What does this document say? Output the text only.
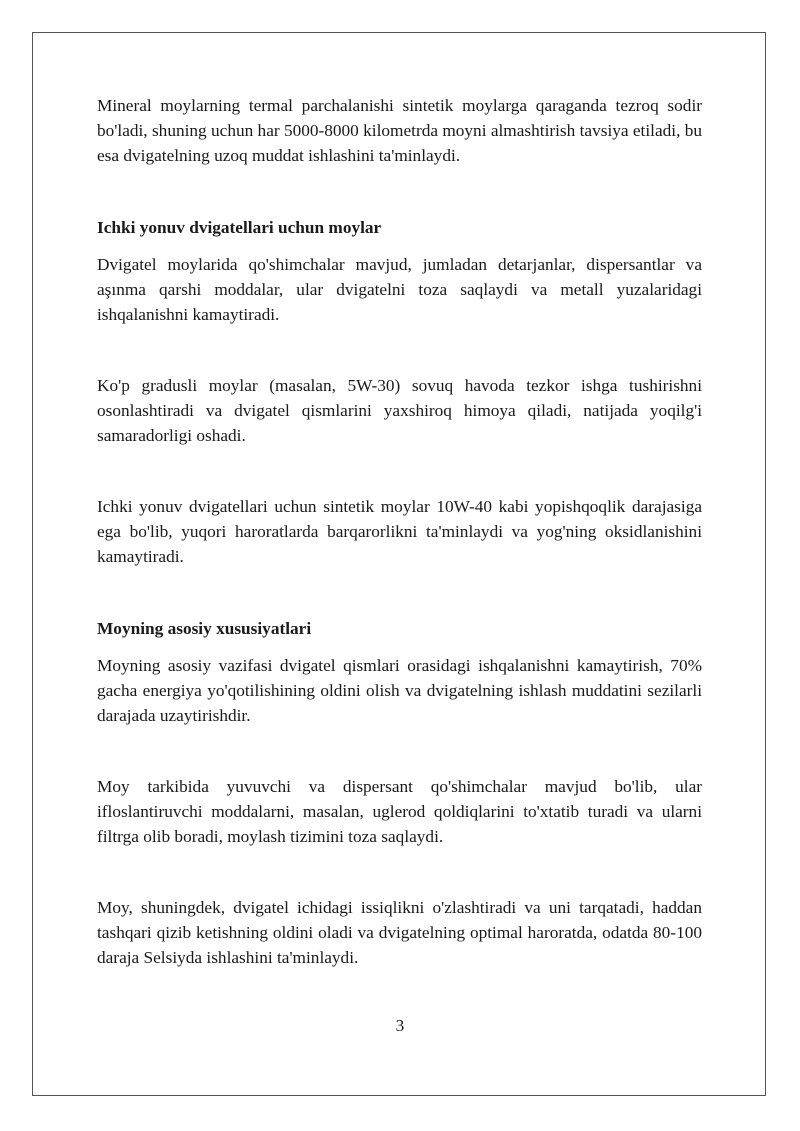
Mineral moylarning termal parchalanishi sintetik moylarga qaraganda tezroq sodir bo'ladi, shuning uchun har 5000-8000 kilometrda moyni almashtirish tavsiya etiladi, bu esa dvigatelning uzoq muddat ishlashini ta'minlaydi.

Ichki yonuv dvigatellari uchun moylar

Dvigatel moylarida qo'shimchalar mavjud, jumladan detarjanlar, dispersantlar va aşınma qarshi moddalar, ular dvigatelni toza saqlaydi va metall yuzalaridagi ishqalanishni kamaytiradi.

Ko'p gradusli moylar (masalan, 5W-30) sovuq havoda tezkor ishga tushirishni osonlashtiradi va dvigatel qismlarini yaxshiroq himoya qiladi, natijada yoqilg'i samaradorligi oshadi.

Ichki yonuv dvigatellari uchun sintetik moylar 10W-40 kabi yopishqoqlik darajasiga ega bo'lib, yuqori haroratlarda barqarorlikni ta'minlaydi va yog'ning oksidlanishini kamaytiradi.

Moyning asosiy xususiyatlari

Moyning asosiy vazifasi dvigatel qismlari orasidagi ishqalanishni kamaytirish, 70% gacha energiya yo'qotilishining oldini olish va dvigatelning ishlash muddatini sezilarli darajada uzaytirishdir.

Moy tarkibida yuvuvchi va dispersant qo'shimchalar mavjud bo'lib, ular ifloslantiruvchi moddalarni, masalan, uglerod qoldiqlarini to'xtatib turadi va ularni filtrga olib boradi, moylash tizimini toza saqlaydi.

Moy, shuningdek, dvigatel ichidagi issiqlikni o'zlashtiradi va uni tarqatadi, haddan tashqari qizib ketishning oldini oladi va dvigatelning optimal haroratda, odatda 80-100 daraja Selsiyda ishlashini ta'minlaydi.

3
